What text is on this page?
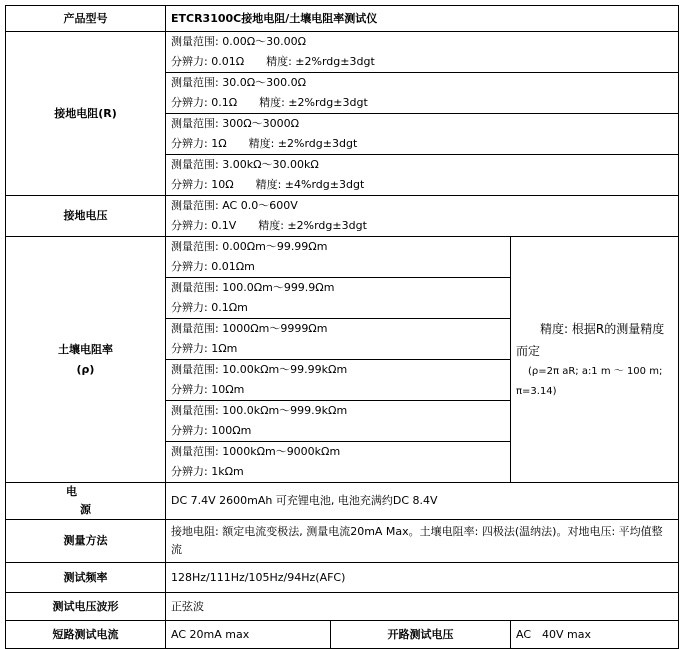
产品型号	ETCR3100C接地电阻/土壤电阻率测试仪		
接地电阻(R)	测量范围: 0.00Ω～30.00Ω
分辨力: 0.01Ω 精度: ±2%rdg±3dgt		

	测量范围: 30.0Ω～300.0Ω
分辨力: 0.1Ω 精度: ±2%rdg±3dgt		

	测量范围: 300Ω～3000Ω
分辨力: 1Ω 精度: ±2%rdg±3dgt		

	测量范围: 3.00kΩ～30.00kΩ
分辨力: 10Ω 精度: ±4%rdg±3dgt		

接地电压	测量范围: AC 0.0～600V
分辨力: 0.1V 精度: ±2%rdg±3dgt		

土壤电阻率
(ρ)	测量范围: 0.00Ωm～99.99Ωm
分辨力: 0.01Ωm		精度: 根据R的测量精度而定
(ρ=2π aR; a:1 m ～ 100 m; π=3.14)

	测量范围: 100.0Ωm～999.9Ωm
分辨力: 0.1Ωm		

	测量范围: 1000Ωm～9999Ωm
分辨力: 1Ωm		

	测量范围: 10.00kΩm～99.99kΩm
分辨力: 10Ωm		

	测量范围: 100.0kΩm～999.9kΩm
分辨力: 100Ωm		

	测量范围: 1000kΩm～9000kΩm
分辨力: 1kΩm		

电　　源	DC 7.4V 2600mAh 可充锂电池, 电池充满约DC 8.4V		
测量方法	接地电阻: 额定电流变极法, 测量电流20mA Max。土壤电阻率: 四极法(温纳法)。对地电压: 平均值整流		
测试频率	128Hz/111Hz/105Hz/94Hz(AFC)		
测试电压波形	正弦波		
短路测试电流	AC 20mA max	开路测试电压	AC　40V max
